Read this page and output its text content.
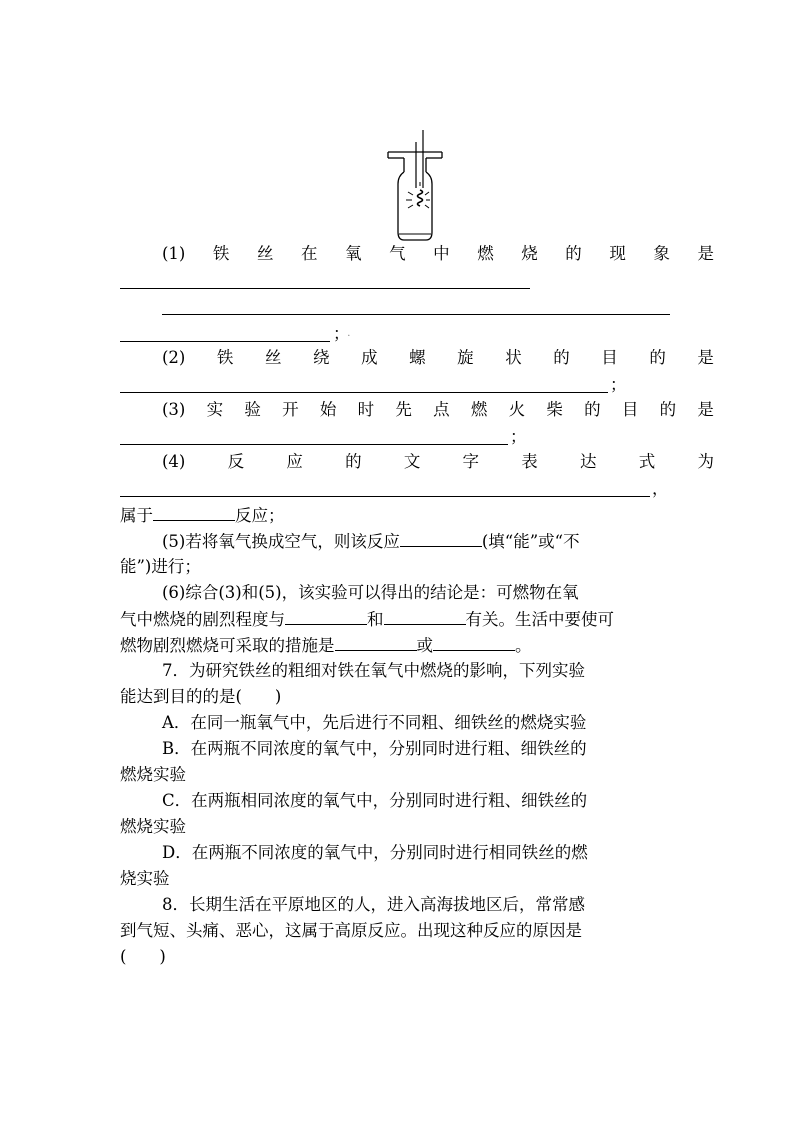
(1) 铁 丝 在 氧 气 中 燃 烧 的 现 象 是
； ·
(2) 铁 丝 绕 成 螺 旋 状 的 目 的 是
；
(3) 实 验 开 始 时 先 点 燃 火 柴 的 目 的 是
；
(4)	反	应	的	文	字	表	达	式	为
，
属于	反应；
(5)若将氧气换成空气，则该反应	(填“能”或“不
能”)进行；
(6)综合(3)和(5)，该实验可以得出的结论是：可燃物在氧
气中燃烧的剧烈程度与	和	有关。生活中要使可
燃物剧烈燃烧可采取的措施是	或	。
7．为研究铁丝的粗细对铁在氧气中燃烧的影响，下列实验
能达到目的的是(　　)
A．在同一瓶氧气中，先后进行不同粗、细铁丝的燃烧实验
B．在两瓶不同浓度的氧气中，分别同时进行粗、细铁丝的
燃烧实验
C．在两瓶相同浓度的氧气中，分别同时进行粗、细铁丝的
燃烧实验
D．在两瓶不同浓度的氧气中，分别同时进行相同铁丝的燃
烧实验
8．长期生活在平原地区的人，进入高海拔地区后，常常感
到气短、头痛、恶心，这属于高原反应。出现这种反应的原因是
(　　)
